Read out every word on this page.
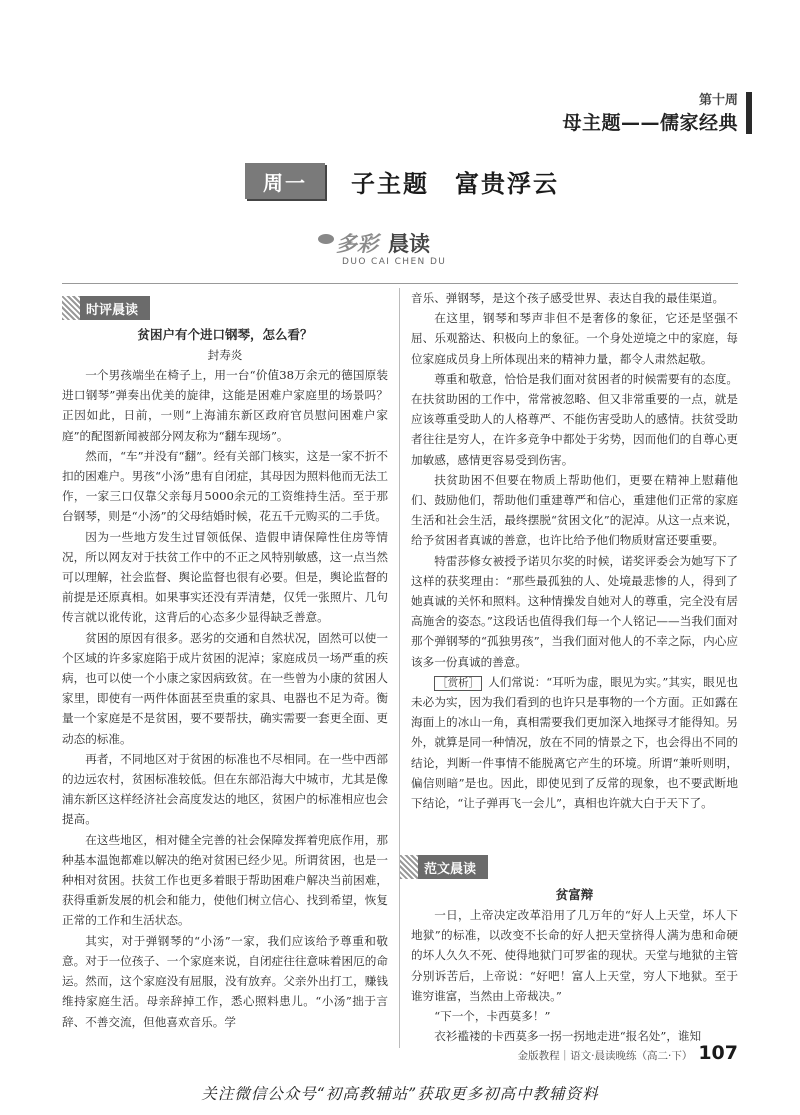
第十周
母主题——儒家经典
周一	子主题　富贵浮云
多彩 晨读
DUO CAI CHEN DU
时评晨读
贫困户有个进口钢琴，怎么看？
封寿炎

一个男孩端坐在椅子上，用一台“价值38万余元的德国原装进口钢琴”弹奏出优美的旋律，这能是困难户家庭里的场景吗？正因如此，日前，一则“上海浦东新区政府官员慰问困难户家庭”的配图新闻被部分网友称为“翻车现场”。

然而，“车”并没有“翻”。经有关部门核实，这是一家不折不扣的困难户。男孩“小汤”患有自闭症，其母因为照料他而无法工作，一家三口仅靠父亲每月5000余元的工资维持生活。至于那台钢琴，则是“小汤”的父母结婚时候，花五千元购买的二手货。

因为一些地方发生过冒领低保、造假申请保障性住房等情况，所以网友对于扶贫工作中的不正之风特别敏感，这一点当然可以理解，社会监督、舆论监督也很有必要。但是，舆论监督的前提是还原真相。如果事实还没有弄清楚，仅凭一张照片、几句传言就以讹传讹，这背后的心态多少显得缺乏善意。

贫困的原因有很多。恶劣的交通和自然状况，固然可以使一个区域的许多家庭陷于成片贫困的泥淖；家庭成员一场严重的疾病，也可以使一个小康之家因病致贫。在一些曾为小康的贫困人家里，即使有一两件体面甚至贵重的家具、电器也不足为奇。衡量一个家庭是不是贫困，要不要帮扶，确实需要一套更全面、更动态的标准。

再者，不同地区对于贫困的标准也不尽相同。在一些中西部的边远农村，贫困标准较低。但在东部沿海大中城市，尤其是像浦东新区这样经济社会高度发达的地区，贫困户的标准相应也会提高。

在这些地区，相对健全完善的社会保障发挥着兜底作用，那种基本温饱都难以解决的绝对贫困已经少见。所谓贫困，也是一种相对贫困。扶贫工作也更多着眼于帮助困难户解决当前困难，获得重新发展的机会和能力，使他们树立信心、找到希望，恢复正常的工作和生活状态。

其实，对于弹钢琴的“小汤”一家，我们应该给予尊重和敬意。对于一位孩子、一个家庭来说，自闭症往往意味着困厄的命运。然而，这个家庭没有屈服，没有放弃。父亲外出打工，赚钱维持家庭生活。母亲辞掉工作，悉心照料患儿。“小汤”拙于言辞、不善交流，但他喜欢音乐。学

音乐、弹钢琴，是这个孩子感受世界、表达自我的最佳渠道。

在这里，钢琴和琴声非但不是奢侈的象征，它还是坚强不屈、乐观豁达、积极向上的象征。一个身处逆境之中的家庭，每位家庭成员身上所体现出来的精神力量，都令人肃然起敬。

尊重和敬意，恰恰是我们面对贫困者的时候需要有的态度。在扶贫助困的工作中，常常被忽略、但又非常重要的一点，就是应该尊重受助人的人格尊严、不能伤害受助人的感情。扶贫受助者往往是穷人，在许多竞争中都处于劣势，因而他们的自尊心更加敏感，感情更容易受到伤害。

扶贫助困不但要在物质上帮助他们，更要在精神上慰藉他们、鼓励他们，帮助他们重建尊严和信心，重建他们正常的家庭生活和社会生活，最终摆脱“贫困文化”的泥淖。从这一点来说，给予贫困者真诚的善意，也许比给予他们物质财富还要重要。

特雷莎修女被授予诺贝尔奖的时候，诺奖评委会为她写下了这样的获奖理由：“那些最孤独的人、处境最悲惨的人，得到了她真诚的关怀和照料。这种情操发自她对人的尊重，完全没有居高施舍的姿态。”这段话也值得我们每一个人铭记——当我们面对那个弹钢琴的“孤独男孩”，当我们面对他人的不幸之际，内心应该多一份真诚的善意。

［赏析］ 人们常说：“耳听为虚，眼见为实。”其实，眼见也未必为实，因为我们看到的也许只是事物的一个方面。正如露在海面上的冰山一角，真相需要我们更加深入地探寻才能得知。另外，就算是同一种情况，放在不同的情景之下，也会得出不同的结论，判断一件事情不能脱离它产生的环境。所谓“兼听则明，偏信则暗”是也。因此，即使见到了反常的现象，也不要武断地下结论，“让子弹再飞一会儿”，真相也许就大白于天下了。

范文晨读
贫富辩

一日，上帝决定改革沿用了几万年的“好人上天堂，坏人下地狱”的标准，以改变不长命的好人把天堂挤得人满为患和命硬的坏人久久不死、使得地狱门可罗雀的现状。天堂与地狱的主管分别诉苦后，上帝说：“好吧！富人上天堂，穷人下地狱。至于谁穷谁富，当然由上帝裁决。”

“下一个，卡西莫多！”

衣衫褴褛的卡西莫多一拐一拐地走进“报名处”，谁知

金版教程｜语文·晨读晚练（高二·下） 107
关注微信公众号“初高教辅站”获取更多初高中教辅资料
